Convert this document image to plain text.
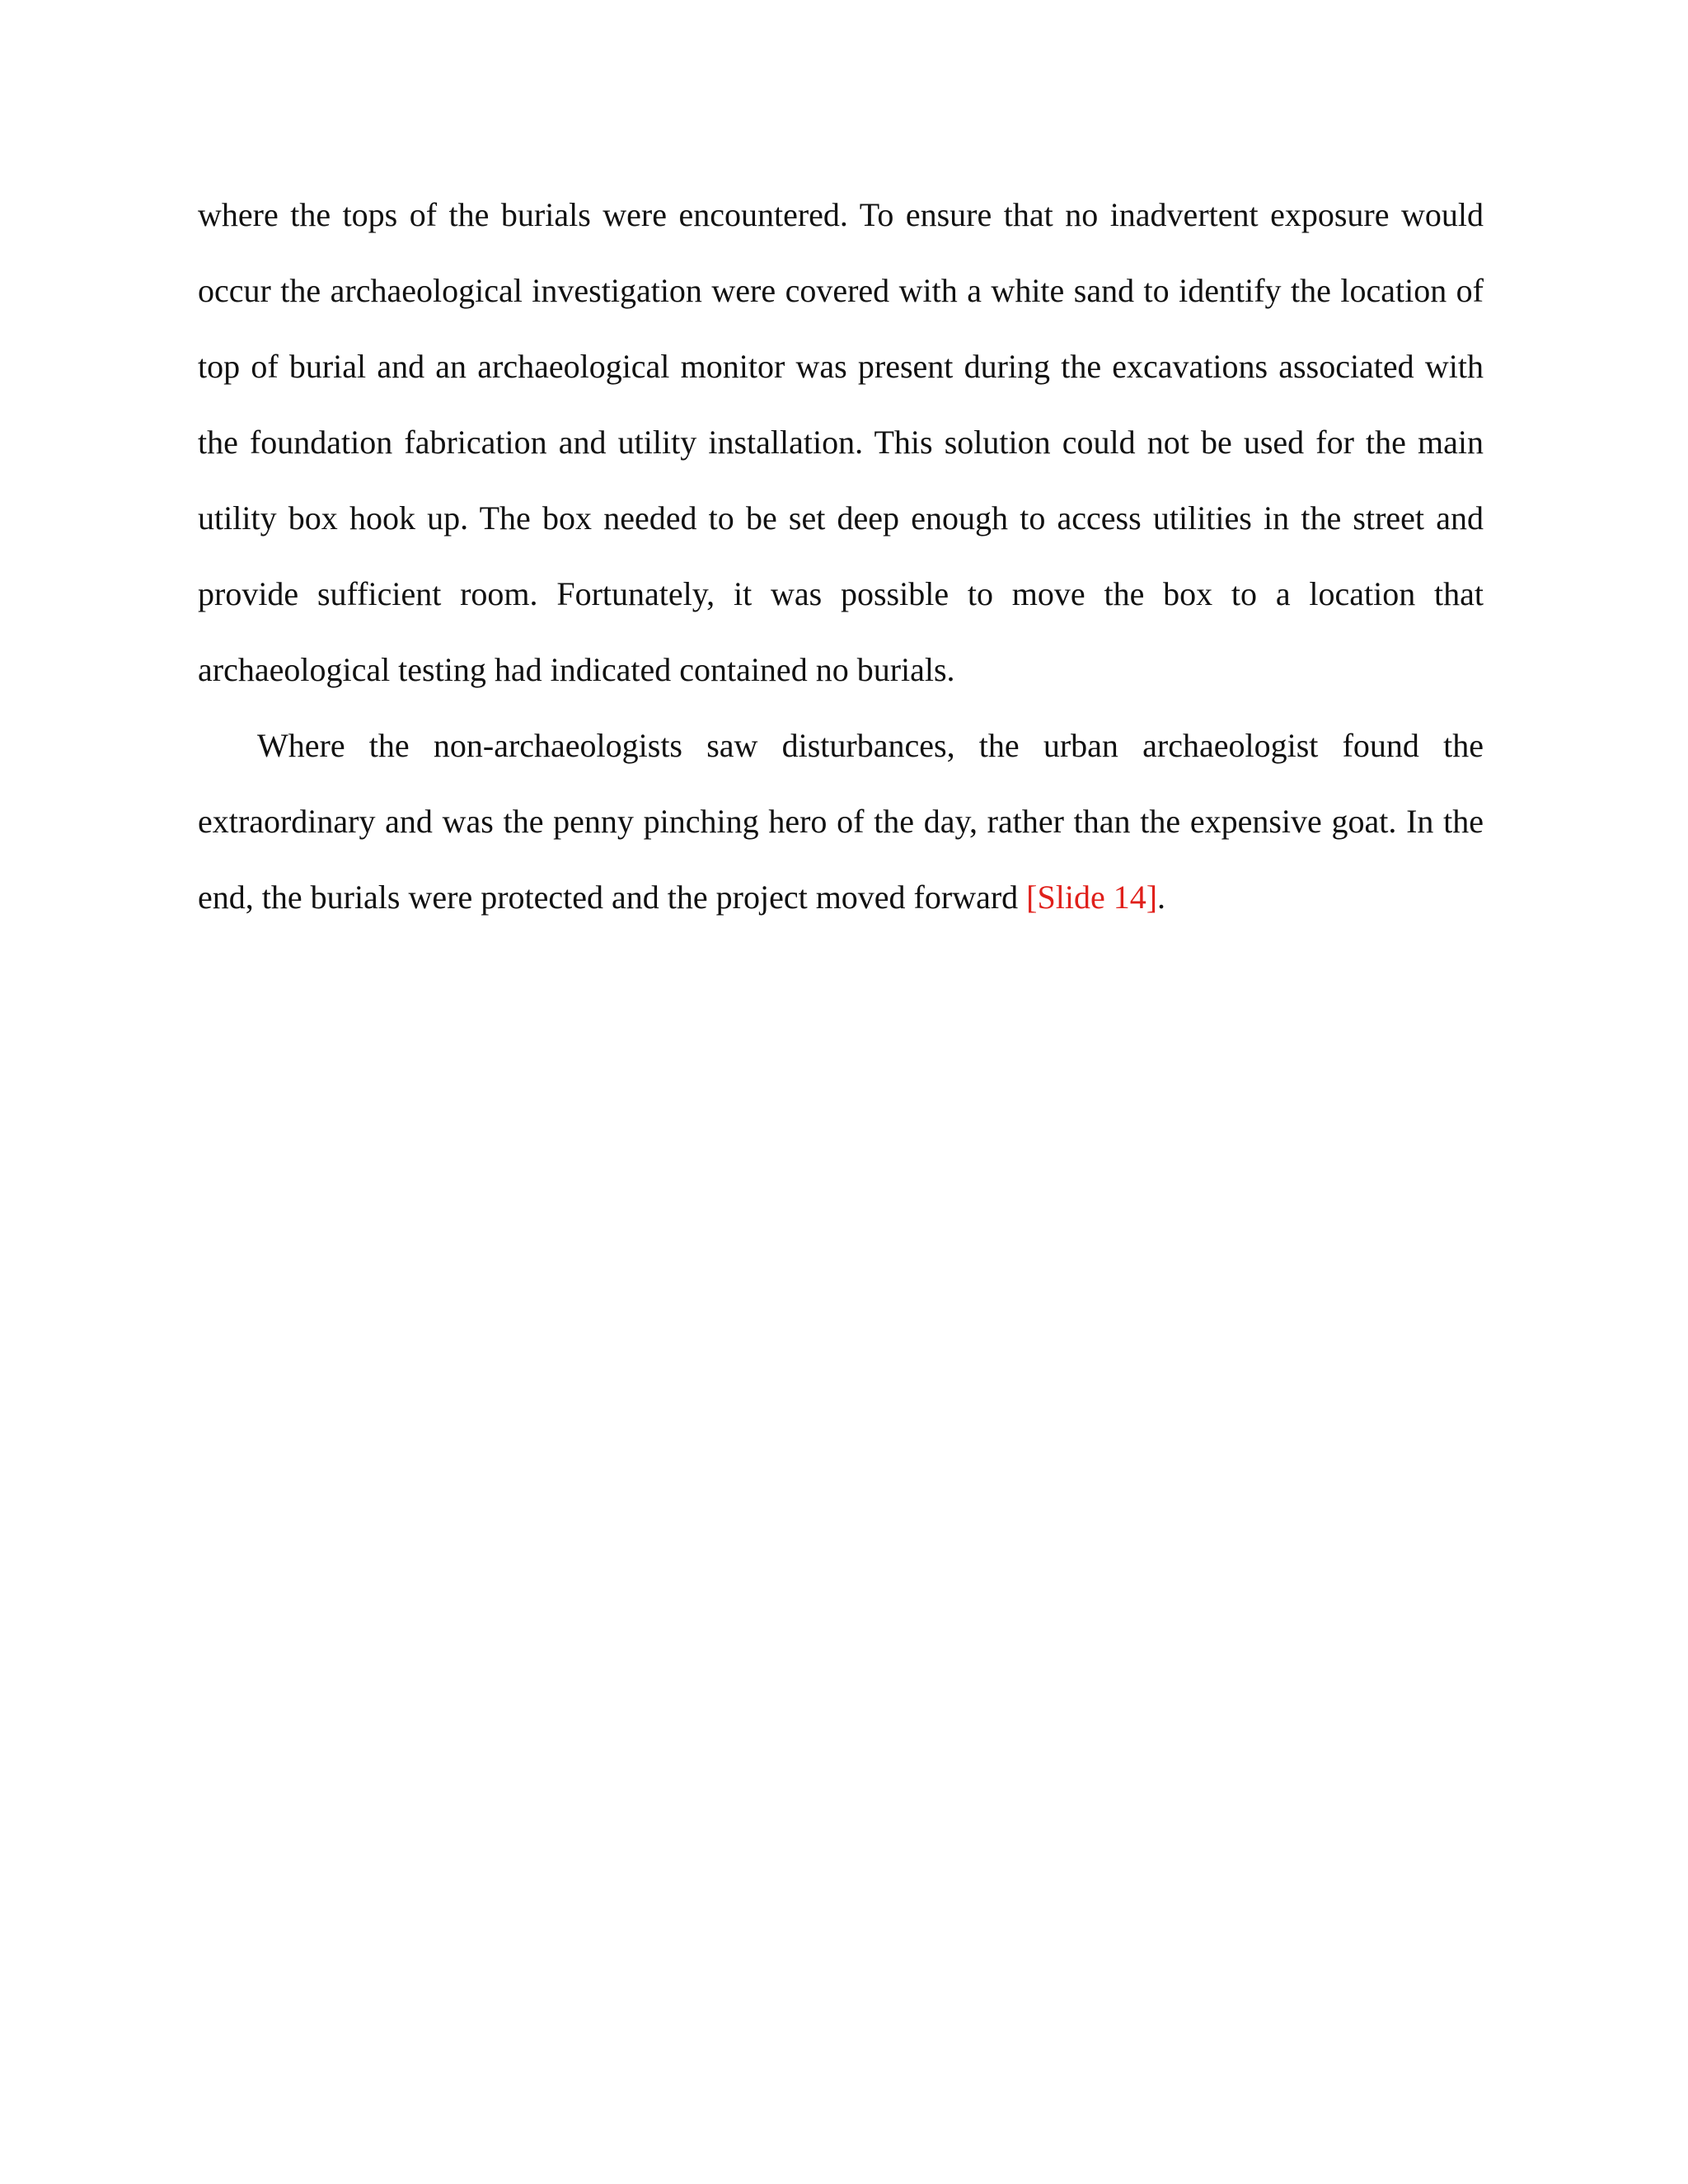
where the tops of the burials were encountered. To ensure that no inadvertent exposure would occur the archaeological investigation were covered with a white sand to identify the location of top of burial and an archaeological monitor was present during the excavations associated with the foundation fabrication and utility installation. This solution could not be used for the main utility box hook up. The box needed to be set deep enough to access utilities in the street and provide sufficient room. Fortunately, it was possible to move the box to a location that archaeological testing had indicated contained no burials.

Where the non-archaeologists saw disturbances, the urban archaeologist found the extraordinary and was the penny pinching hero of the day, rather than the expensive goat. In the end, the burials were protected and the project moved forward [Slide 14].
